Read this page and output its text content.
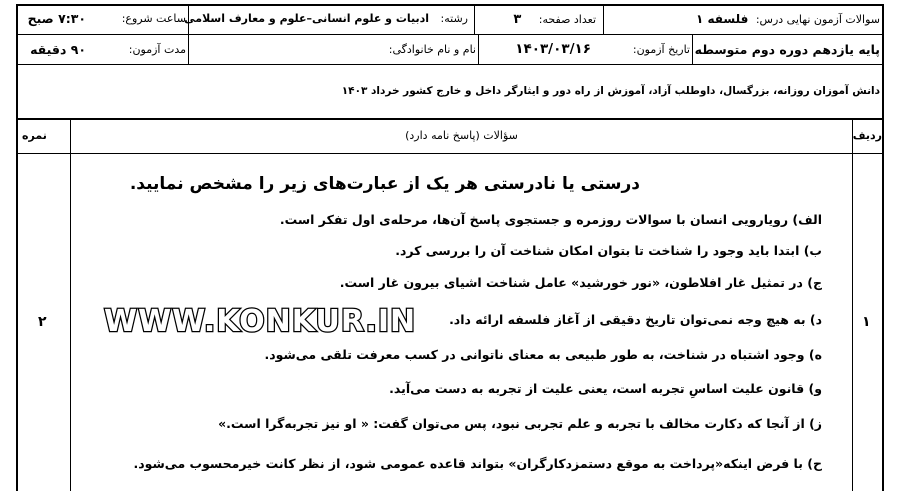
سوالات آزمون نهایی درس: فلسفه ۱
تعداد صفحه: ۳
رشته: ادبیات و علوم انسانی–علوم و معارف اسلامی
ساعت شروع:
۷:۳۰ صبح
پایه یازدهم دوره دوم متوسطه
تاریخ آزمون:
۱۴۰۳/۰۳/۱۶
نام و نام خانوادگی:
مدت آزمون:
۹۰ دقیقه
دانش آموزان روزانه، بزرگسال، داوطلب آزاد، آموزش از راه دور و ایثارگر داخل و خارج کشور خرداد ۱۴۰۳
ردیف
سؤالات (پاسخ نامه دارد)
نمره
درستی یا نادرستی هر یک از عبارت‌های زیر را مشخص نمایید.
الف) رویارویی انسان با سوالات روزمره و جستجوی پاسخ آن‌ها، مرحله‌ی اول تفکر است.
ب) ابتدا باید وجود را شناخت تا بتوان امکان شناخت آن را بررسی کرد.
ج) در تمثیل غار افلاطون، «نور خورشید» عامل شناخت اشیای بیرون غار است.
د) به هیچ وجه نمی‌توان تاریخ دقیقی از آغاز فلسفه ارائه داد.
ه) وجود اشتباه در شناخت، به طور طبیعی به معنای ناتوانی در کسب معرفت تلقی می‌شود.
و) قانون علیت اساسِ تجربه است، یعنی علیت از تجربه به دست می‌آید.
ز) از آنجا که دکارت مخالف با تجربه و علم تجربی نبود، پس می‌توان گفت: « او نیز تجربه‌گرا است.»
ح) با فرض اینکه«پرداخت به موقع دستمزدکارگران» بتواند قاعده عمومی شود، از نظر کانت خیرمحسوب می‌شود.
۱
۲ WWW.KONKUR.IN
